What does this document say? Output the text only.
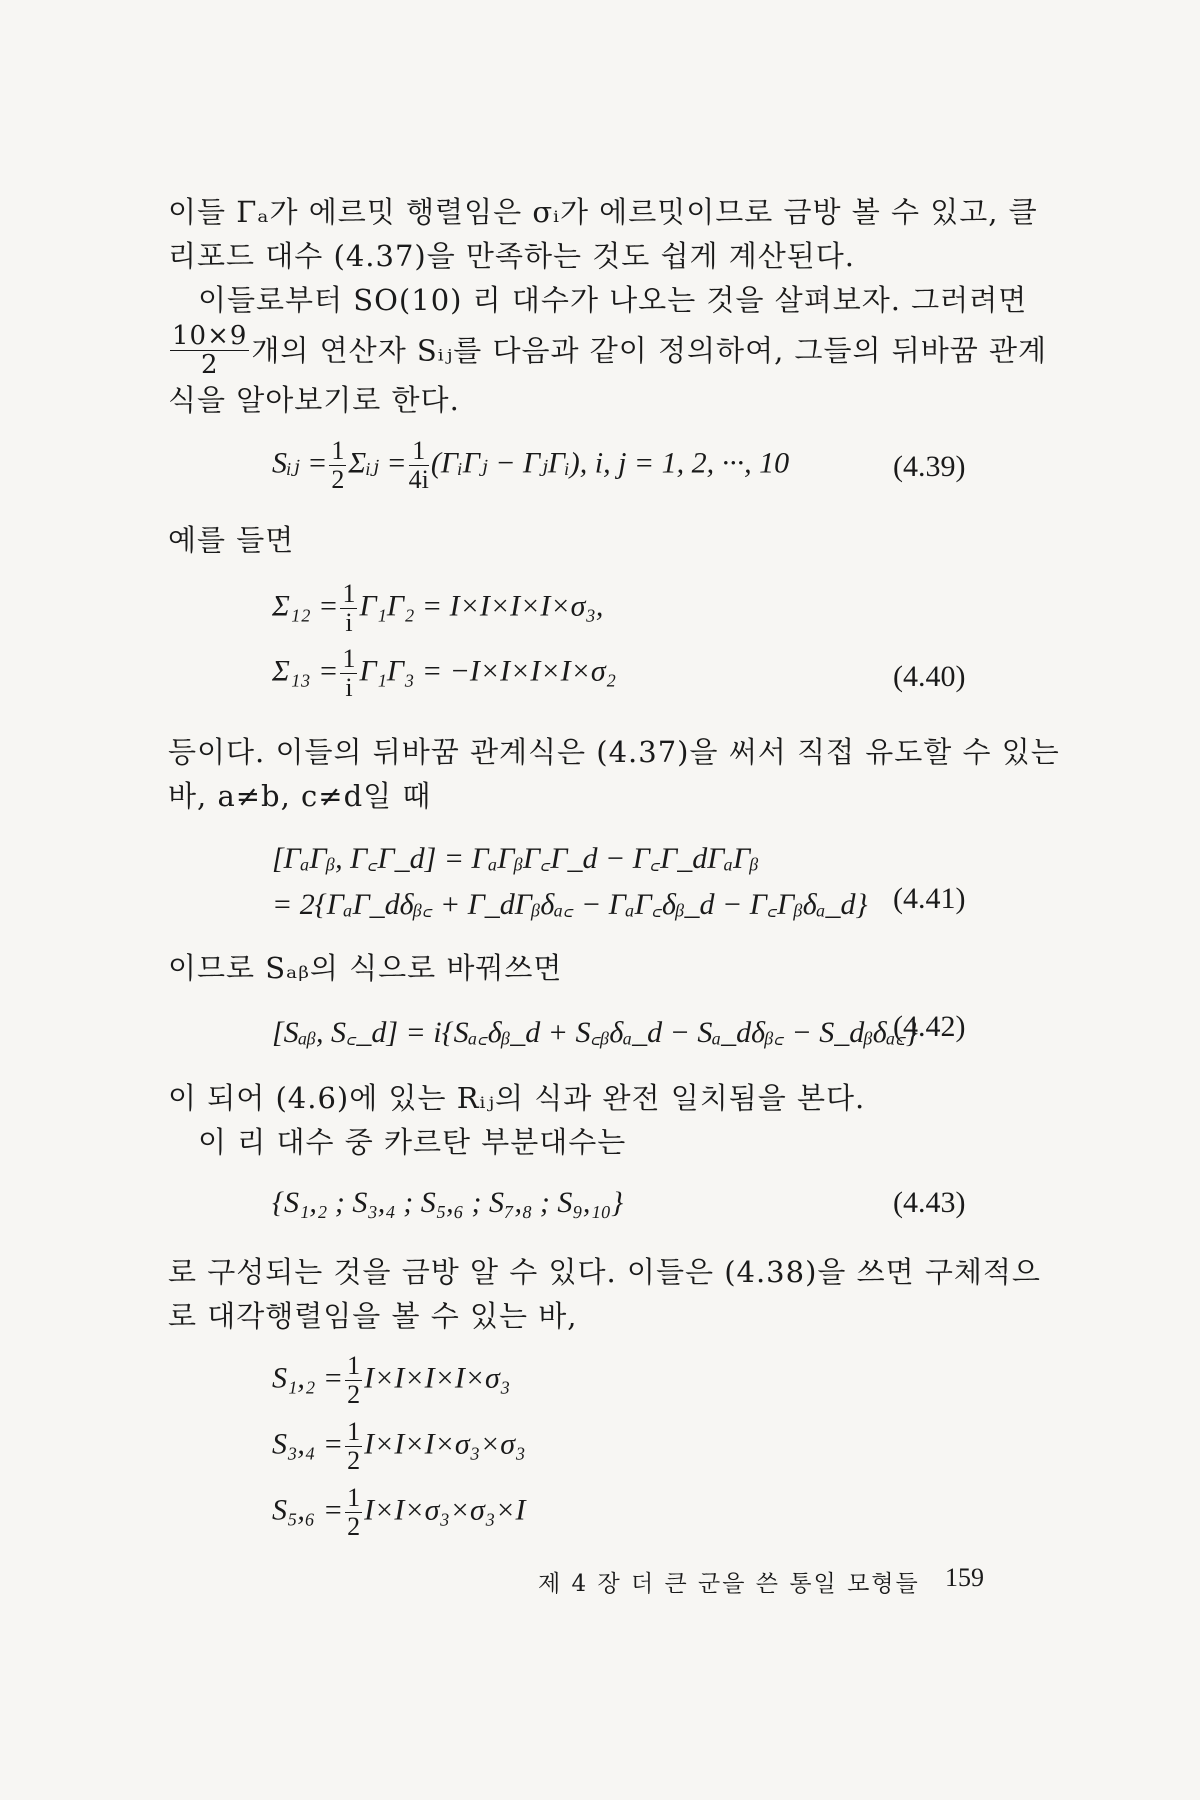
이들 Γₐ가 에르밋 행렬임은 σᵢ가 에르밋이므로 금방 볼 수 있고, 클
리포드 대수 (4.37)을 만족하는 것도 쉽게 계산된다.
이들로부터 SO(10) 리 대수가 나오는 것을 살펴보자. 그러려면
$\frac{10\times 9}{2}$ 개의 연산자 Sᵢⱼ를 다음과 같이 정의하여, 그들의 뒤바꿈 관계
식을 알아보기로 한다.
Sᵢⱼ = $\frac{1}{2}$ Σᵢⱼ = $\frac{1}{4i}$ (ΓᵢΓⱼ − ΓⱼΓᵢ), i, j = 1, 2, ···, 10	(4.39)
예를 들면
$\Sigma_{12} = \frac{1}{i} \Gamma_1\Gamma_2 = I\times I\times I\times I\times\sigma_3$,
$\Sigma_{13} = \frac{1}{i} \Gamma_1\Gamma_3 = -I\times I\times I\times I\times\sigma_2$	(4.40)
등이다. 이들의 뒤바꿈 관계식은 (4.37)을 써서 직접 유도할 수 있는
바, a≠b, c≠d일 때
[ΓₐΓᵦ, Γ꜀Γ_d] = ΓₐΓᵦΓ꜀Γ_d − Γ꜀Γ_dΓₐΓᵦ
= 2{ΓₐΓ_dδᵦ꜀ + Γ_dΓᵦδₐ꜀ − ΓₐΓ꜀δᵦ_d − Γ꜀Γᵦδₐ_d} (4.41)
이므로 Sₐᵦ의 식으로 바꿔쓰면
[Sₐᵦ, S꜀_d] = i{Sₐ꜀δᵦ_d + S꜀ᵦδₐ_d − Sₐ_dδᵦ꜀ − S_dᵦδₐ꜀}
(4.42)
이 되어 (4.6)에 있는 Rᵢⱼ의 식과 완전 일치됨을 본다.
이 리 대수 중 카르탄 부분대수는
{S₁,₂ ; S₃,₄ ; S₅,₆ ; S₇,₈ ; S₉,₁₀}	(4.43)
로 구성되는 것을 금방 알 수 있다. 이들은 (4.38)을 쓰면 구체적으
로 대각행렬임을 볼 수 있는 바,
$S_1,_2 = \frac{1}{2} I\times I\times I\times I\times\sigma_3$
$S_3,_4 = \frac{1}{2} I\times I\times I\times\sigma_3\times\sigma_3$
$S_5,_6 = \frac{1}{2} I\times I\times\sigma_3\times\sigma_3\times I$
제 4 장 더 큰 군을 쓴 통일 모형들 159
